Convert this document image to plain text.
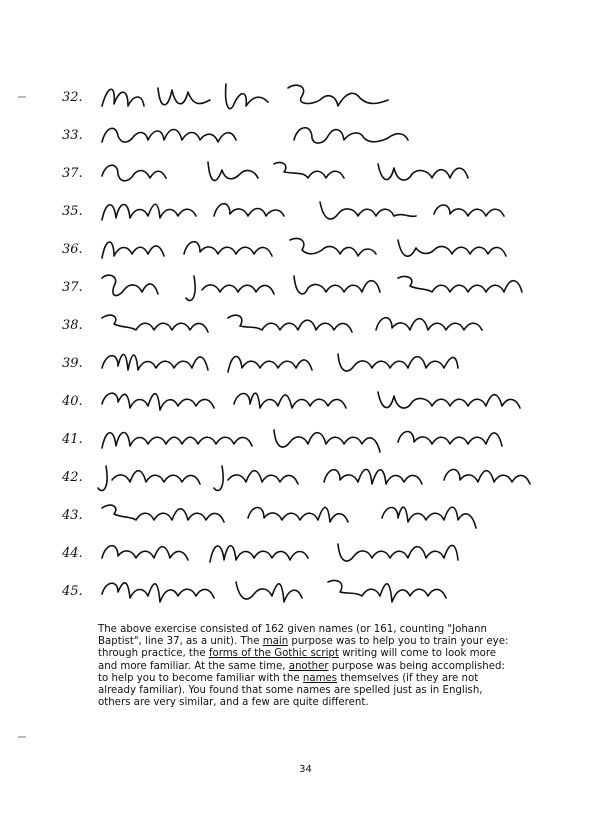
32.
33.
37.
35.
36.
37.
38.
39.
40.
41.
42.
43.
44.
45.

The above exercise consisted of 162 given names (or 161, counting "Johann Baptist", line 37, as a unit). The main purpose was to help you to train your eye: through practice, the forms of the Gothic script writing will come to look more and more familiar. At the same time, another purpose was being accomplished: to help you to become familiar with the names themselves (if they are not already familiar). You found that some names are spelled just as in English, others are very similar, and a few are quite different.

34
